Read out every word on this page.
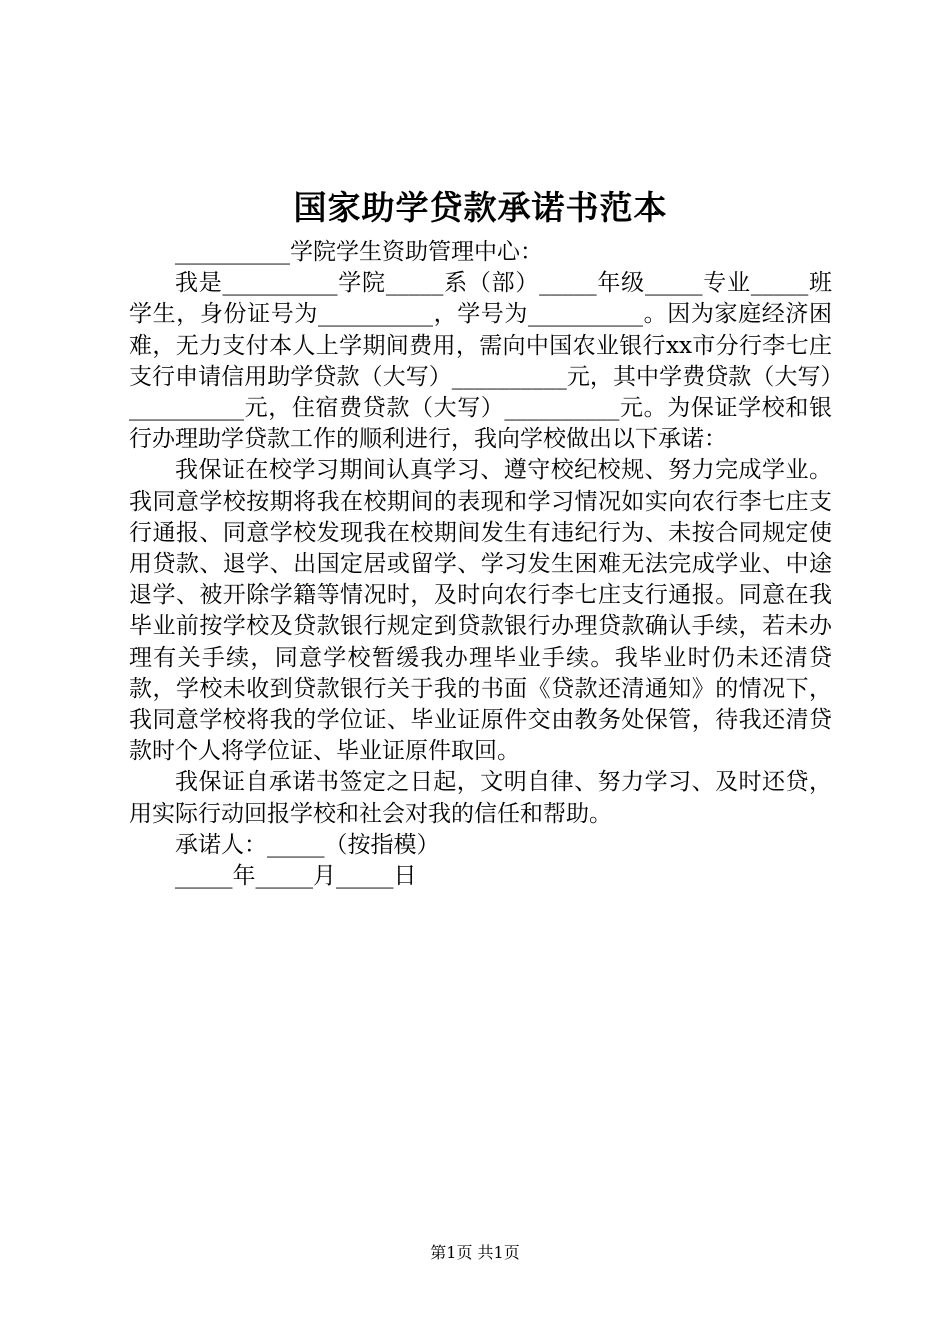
国家助学贷款承诺书范本

__________学院学生资助管理中心：

我是__________学院_____系（部）_____年级_____专业_____班学生，身份证号为__________，学号为__________。因为家庭经济困难，无力支付本人上学期间费用，需向中国农业银行xx市分行李七庄支行申请信用助学贷款（大写）__________元，其中学费贷款（大写）__________元，住宿费贷款（大写）__________元。为保证学校和银行办理助学贷款工作的顺利进行，我向学校做出以下承诺：

我保证在校学习期间认真学习、遵守校纪校规、努力完成学业。我同意学校按期将我在校期间的表现和学习情况如实向农行李七庄支行通报、同意学校发现我在校期间发生有违纪行为、未按合同规定使用贷款、退学、出国定居或留学、学习发生困难无法完成学业、中途退学、被开除学籍等情况时，及时向农行李七庄支行通报。同意在我毕业前按学校及贷款银行规定到贷款银行办理贷款确认手续，若未办理有关手续，同意学校暂缓我办理毕业手续。我毕业时仍未还清贷款，学校未收到贷款银行关于我的书面《贷款还清通知》的情况下，我同意学校将我的学位证、毕业证原件交由教务处保管，待我还清贷款时个人将学位证、毕业证原件取回。

我保证自承诺书签定之日起，文明自律、努力学习、及时还贷，用实际行动回报学校和社会对我的信任和帮助。

承诺人：_____（按指模）

_____年_____月_____日

第1页 共1页
